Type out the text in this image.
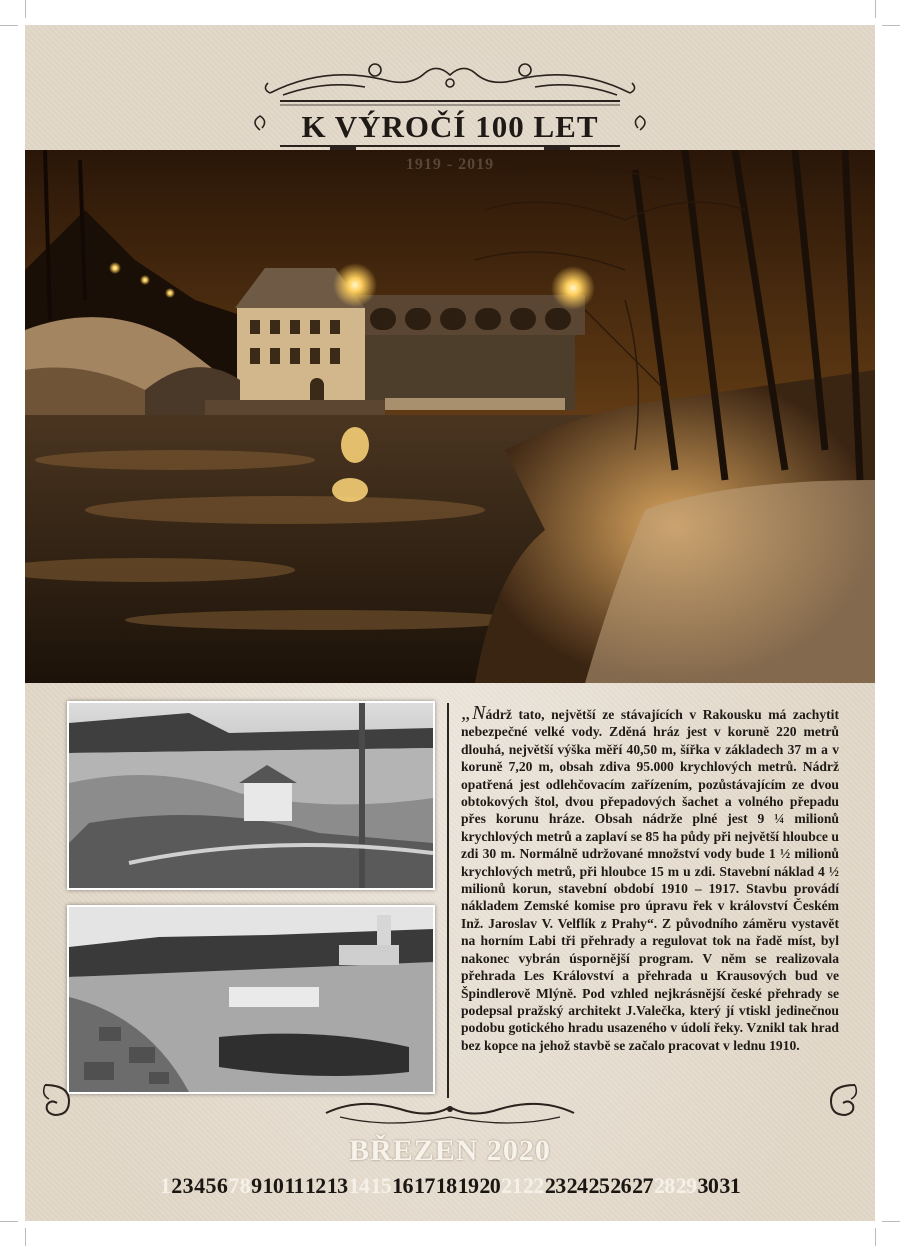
K VÝROČÍ 100 LET
1919 - 2019
„Nádrž tato, největší ze stávajících v Rakousku má zachytit nebezpečné velké vody. Zděná hráz jest v koruně 220 metrů dlouhá, největší výška měří 40,50 m, šířka v základech 37 m a v koruně 7,20 m, obsah zdiva 95.000 krychlových metrů. Nádrž opatřená jest odlehčovacím zařízením, pozůstávajícím ze dvou obtokových štol, dvou přepadových šachet a volného přepadu přes korunu hráze. Obsah nádrže plné jest 9 ¼ milionů krychlových metrů a zaplaví se 85 ha půdy při největší hloubce u zdi 30 m. Normálně udržované množství vody bude 1 ½ milionů krychlových metrů, při hloubce 15 m u zdi. Stavební náklad 4 ½ milionů korun, stavební období 1910 – 1917. Stavbu provádí nákladem Zemské komise pro úpravu řek v království Českém Inž. Jaroslav V. Velflík z Prahy“. Z původního záměru vystavět na horním Labi tři přehrady a regulovat tok na řadě míst, byl nakonec vybrán úspornější program. V něm se realizovala přehrada Les Království a přehrada u Krausových bud ve Špindlerově Mlýně. Pod vzhled nejkrásnější české přehrady se podepsal pražský architekt J.Valečka, který jí vtiskl jedinečnou podobu gotického hradu usazeného v údolí řeky. Vznikl tak hrad bez kopce na jehož stavbě se začalo pracovat v lednu 1910.
BŘEZEN 2020
12345678910111213141516171819202122232425262728293031
